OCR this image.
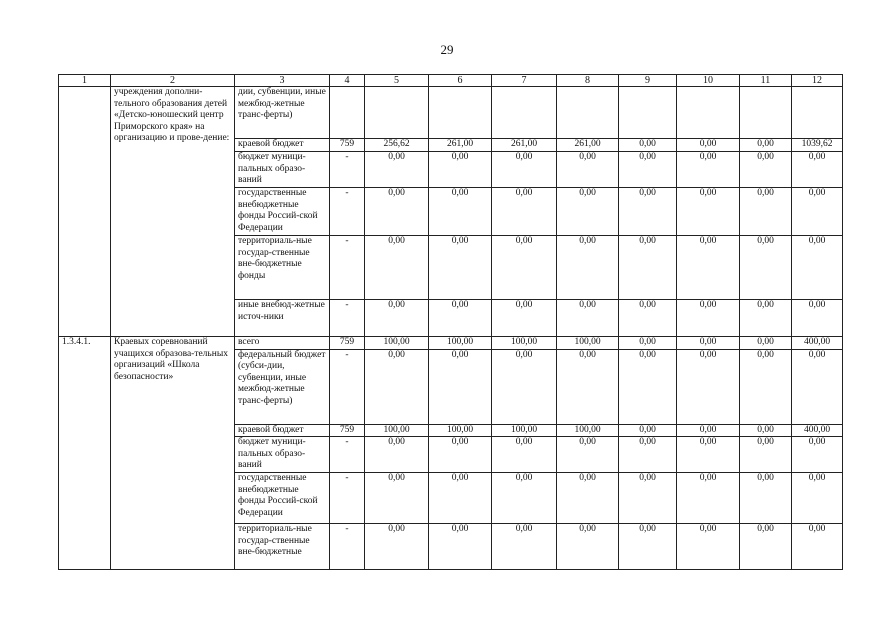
29
1	2	3	4	5	6	7	8	9	10	11	12
	учреждения дополни-тельного образования детей «Детско-юношеский центр Приморского края» на организацию и прове-дение:	дии, субвенции, иные межбюд-жетные транс-ферты)									
		краевой бюджет	759	256,62	261,00	261,00	261,00	0,00	0,00	0,00	1039,62
		бюджет муници-пальных образо-ваний	-	0,00	0,00	0,00	0,00	0,00	0,00	0,00	0,00
		государственные внебюджетные фонды Россий-ской Федерации	-	0,00	0,00	0,00	0,00	0,00	0,00	0,00	0,00
		территориаль-ные государ-ственные вне-бюджетные фонды	-	0,00	0,00	0,00	0,00	0,00	0,00	0,00	0,00
		иные внебюд-жетные источ-ники	-	0,00	0,00	0,00	0,00	0,00	0,00	0,00	0,00
1.3.4.1.	Краевых соревнований учащихся образова-тельных организаций «Школа безопасности»	всего	759	100,00	100,00	100,00	100,00	0,00	0,00	0,00	400,00
		федеральный бюджет (субси-дии, субвенции, иные межбюд-жетные транс-ферты)	-	0,00	0,00	0,00	0,00	0,00	0,00	0,00	0,00
		краевой бюджет	759	100,00	100,00	100,00	100,00	0,00	0,00	0,00	400,00
		бюджет муници-пальных образо-ваний	-	0,00	0,00	0,00	0,00	0,00	0,00	0,00	0,00
		государственные внебюджетные фонды Россий-ской Федерации	-	0,00	0,00	0,00	0,00	0,00	0,00	0,00	0,00
		территориаль-ные государ-ственные вне-бюджетные	-	0,00	0,00	0,00	0,00	0,00	0,00	0,00	0,00
